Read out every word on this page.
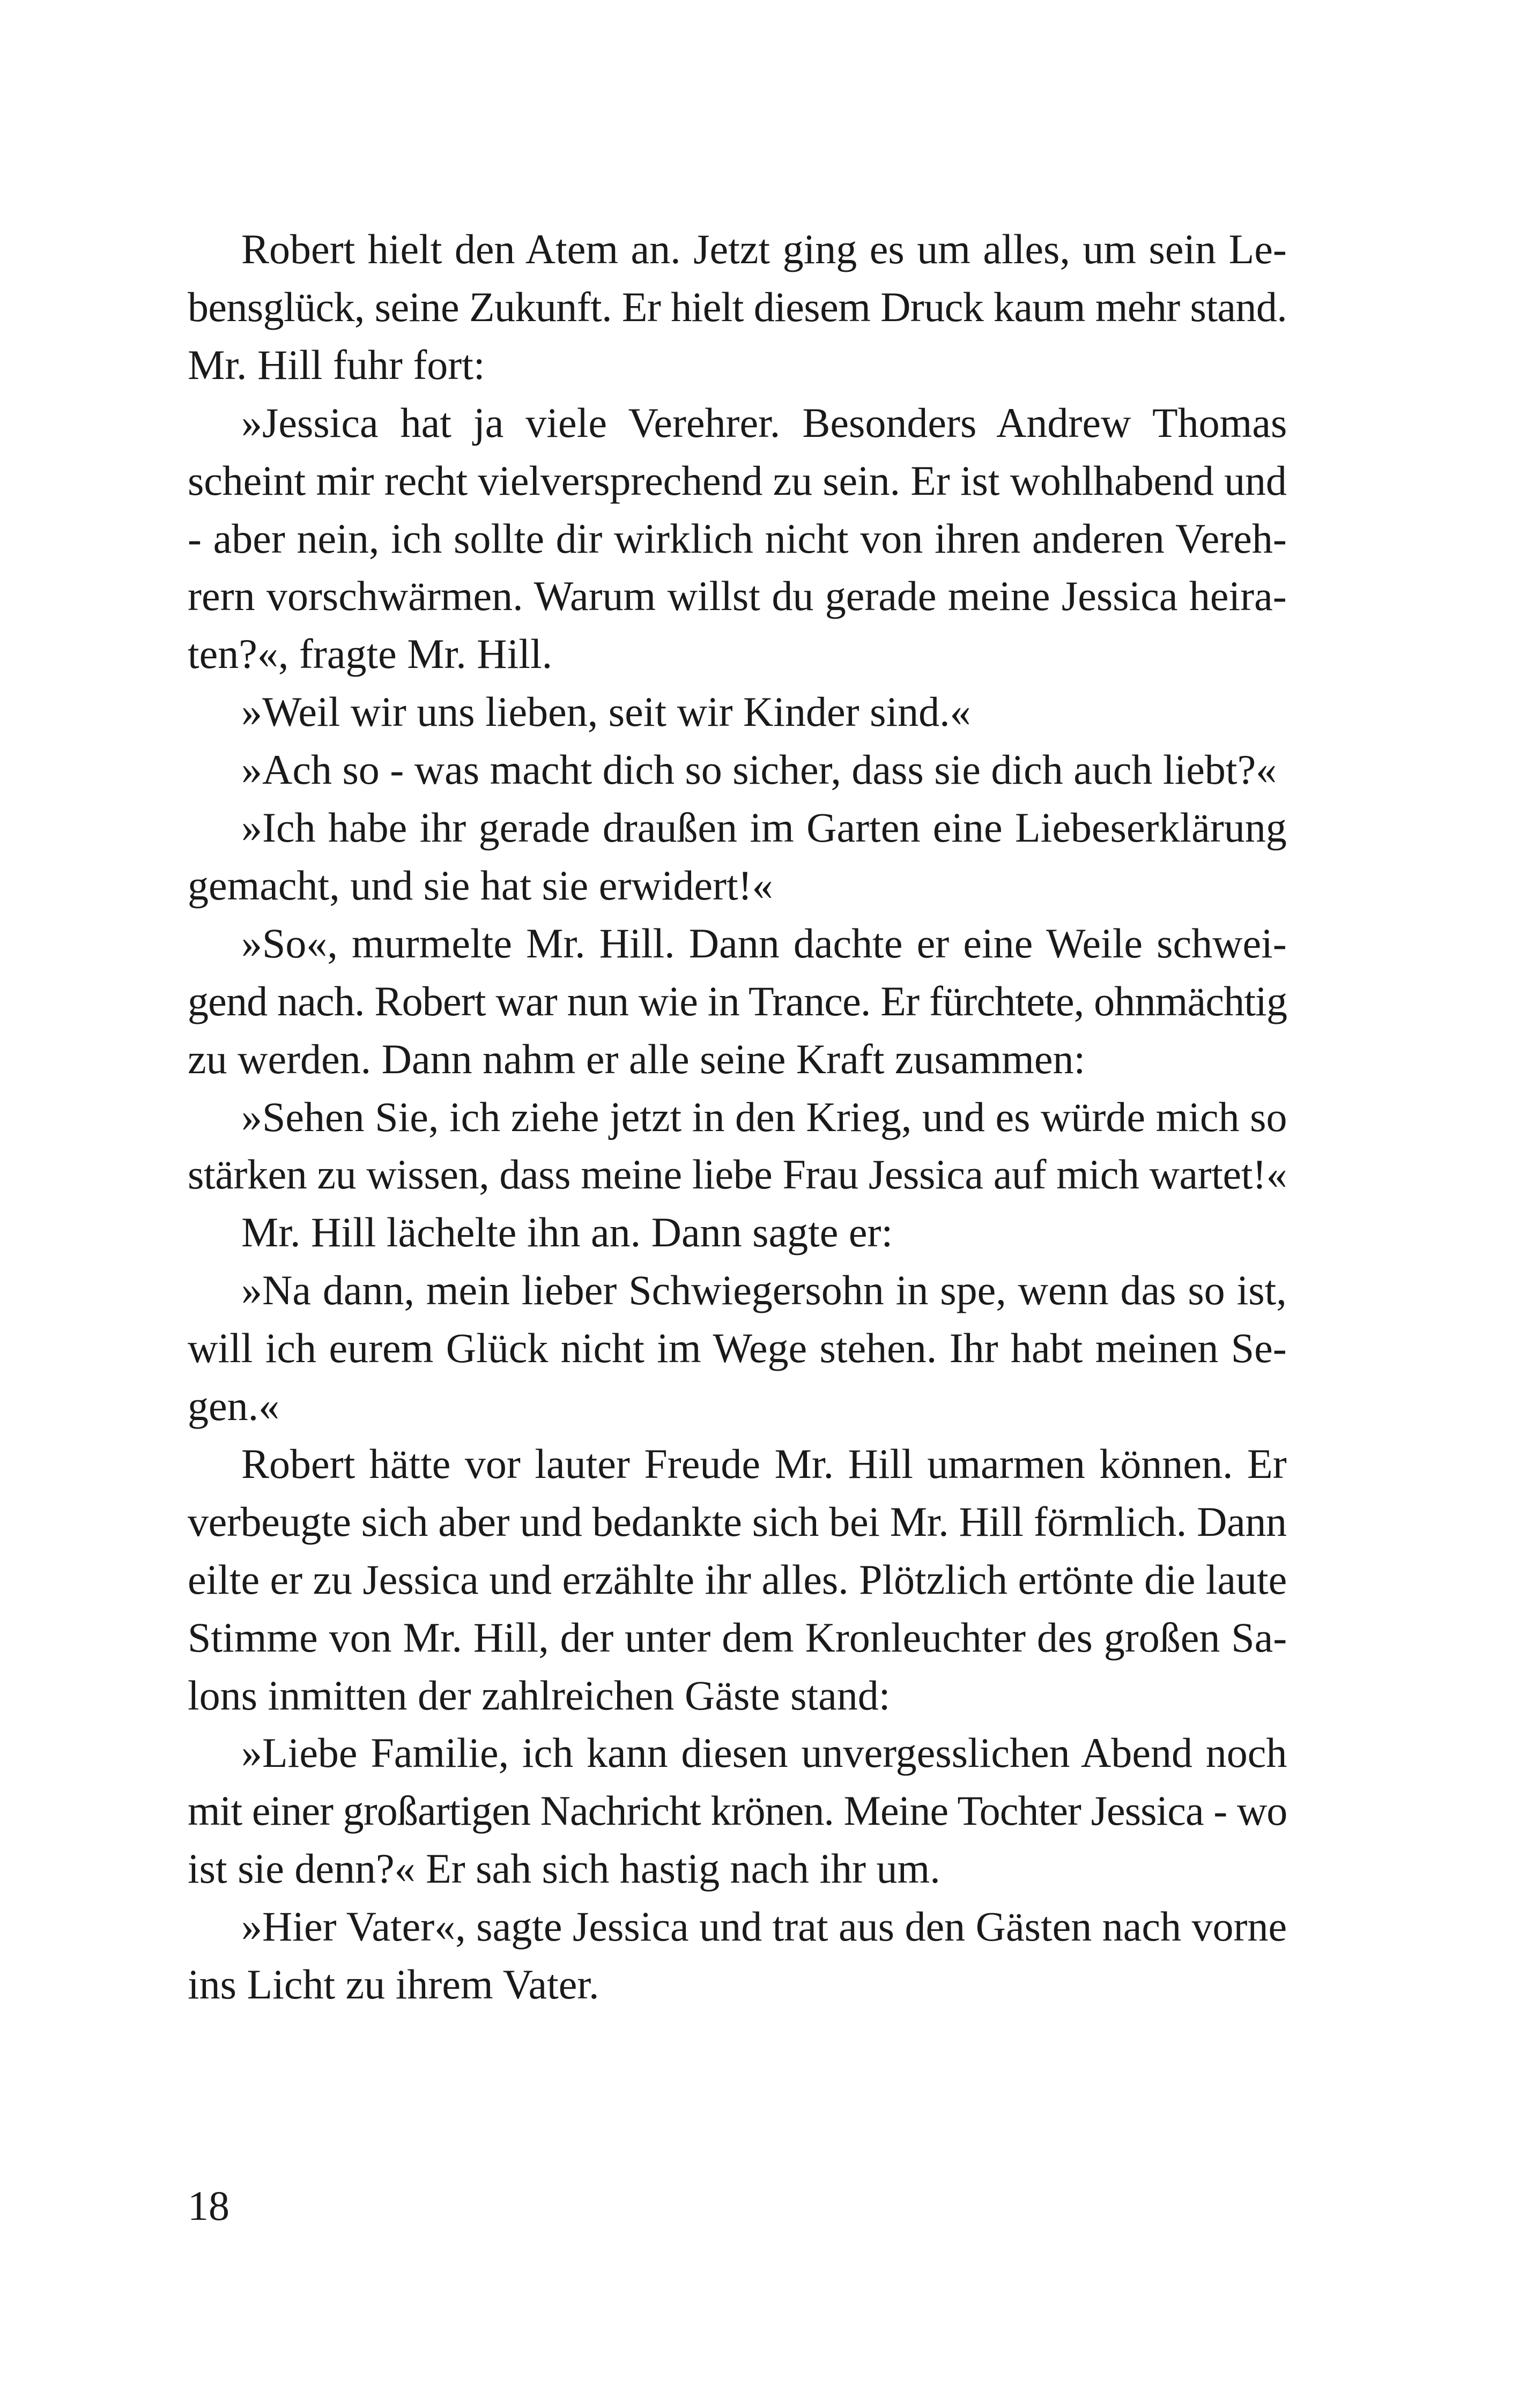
Robert hielt den Atem an. Jetzt ging es um alles, um sein Le-
bensglück, seine Zukunft. Er hielt diesem Druck kaum mehr stand.
Mr. Hill fuhr fort:
»Jessica hat ja viele Verehrer. Besonders Andrew Thomas
scheint mir recht vielversprechend zu sein. Er ist wohlhabend und
- aber nein, ich sollte dir wirklich nicht von ihren anderen Vereh-
rern vorschwärmen. Warum willst du gerade meine Jessica heira-
ten?«, fragte Mr. Hill.
»Weil wir uns lieben, seit wir Kinder sind.«
»Ach so - was macht dich so sicher, dass sie dich auch liebt?«
»Ich habe ihr gerade draußen im Garten eine Liebeserklärung
gemacht, und sie hat sie erwidert!«
»So«, murmelte Mr. Hill. Dann dachte er eine Weile schwei-
gend nach. Robert war nun wie in Trance. Er fürchtete, ohnmächtig
zu werden. Dann nahm er alle seine Kraft zusammen:
»Sehen Sie, ich ziehe jetzt in den Krieg, und es würde mich so
stärken zu wissen, dass meine liebe Frau Jessica auf mich wartet!«
Mr. Hill lächelte ihn an. Dann sagte er:
»Na dann, mein lieber Schwiegersohn in spe, wenn das so ist,
will ich eurem Glück nicht im Wege stehen. Ihr habt meinen Se-
gen.«
Robert hätte vor lauter Freude Mr. Hill umarmen können. Er
verbeugte sich aber und bedankte sich bei Mr. Hill förmlich. Dann
eilte er zu Jessica und erzählte ihr alles. Plötzlich ertönte die laute
Stimme von Mr. Hill, der unter dem Kronleuchter des großen Sa-
lons inmitten der zahlreichen Gäste stand:
»Liebe Familie, ich kann diesen unvergesslichen Abend noch
mit einer großartigen Nachricht krönen. Meine Tochter Jessica - wo
ist sie denn?« Er sah sich hastig nach ihr um.
»Hier Vater«, sagte Jessica und trat aus den Gästen nach vorne
ins Licht zu ihrem Vater.
18
